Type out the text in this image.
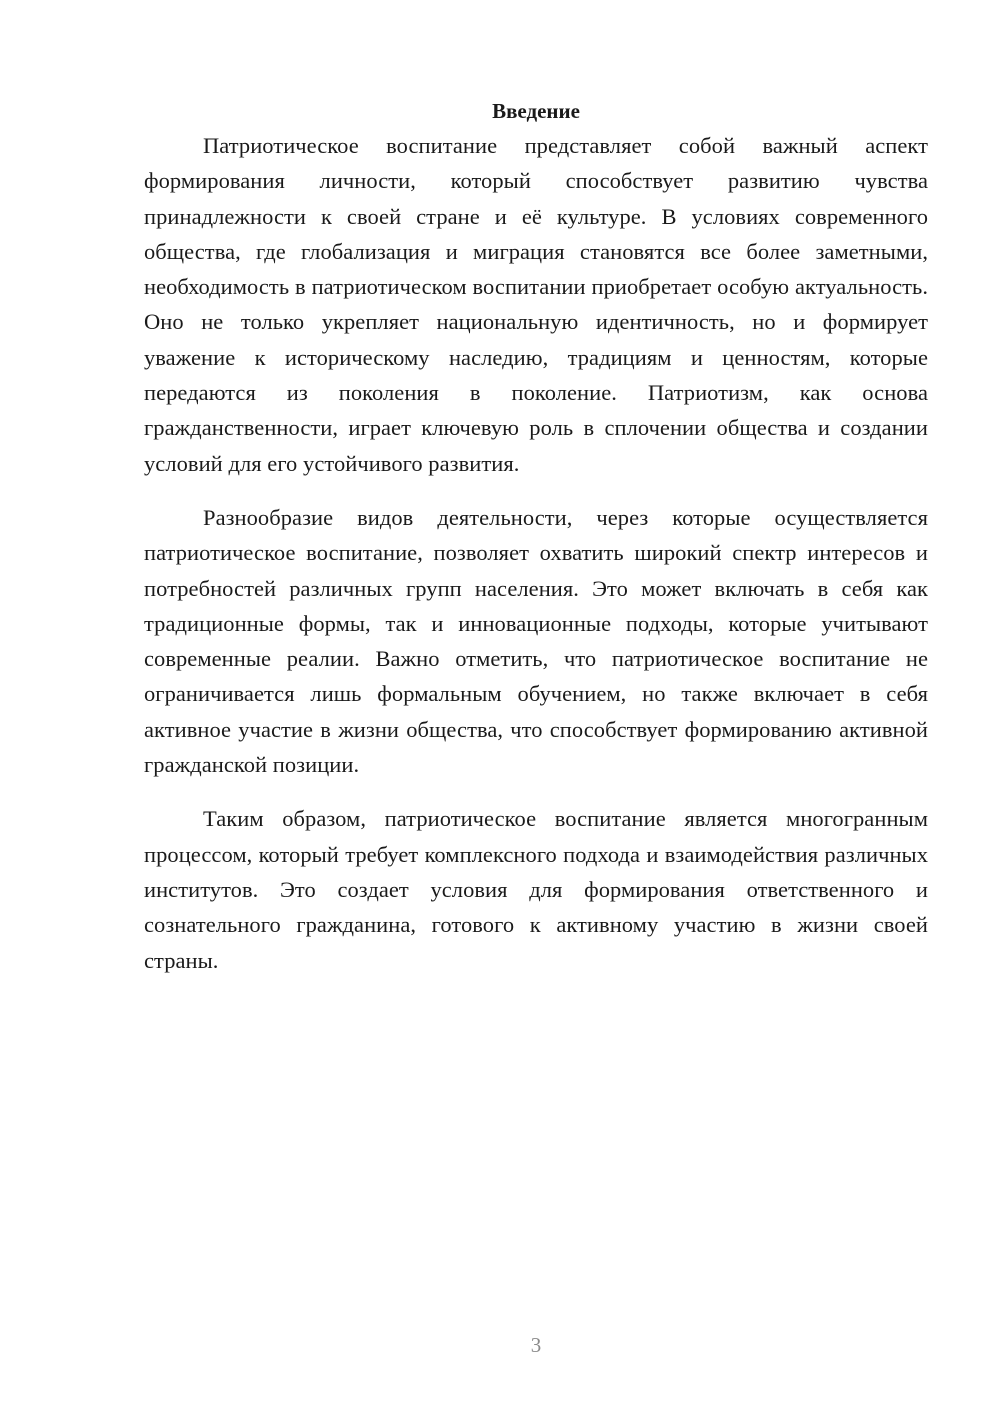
Введение

Патриотическое воспитание представляет собой важный аспект формирования личности, который способствует развитию чувства принадлежности к своей стране и её культуре. В условиях современного общества, где глобализация и миграция становятся все более заметными, необходимость в патриотическом воспитании приобретает особую актуальность. Оно не только укрепляет национальную идентичность, но и формирует уважение к историческому наследию, традициям и ценностям, которые передаются из поколения в поколение. Патриотизм, как основа гражданственности, играет ключевую роль в сплочении общества и создании условий для его устойчивого развития.

Разнообразие видов деятельности, через которые осуществляется патриотическое воспитание, позволяет охватить широкий спектр интересов и потребностей различных групп населения. Это может включать в себя как традиционные формы, так и инновационные подходы, которые учитывают современные реалии. Важно отметить, что патриотическое воспитание не ограничивается лишь формальным обучением, но также включает в себя активное участие в жизни общества, что способствует формированию активной гражданской позиции.

Таким образом, патриотическое воспитание является многогранным процессом, который требует комплексного подхода и взаимодействия различных институтов. Это создает условия для формирования ответственного и сознательного гражданина, готового к активному участию в жизни своей страны.

3
